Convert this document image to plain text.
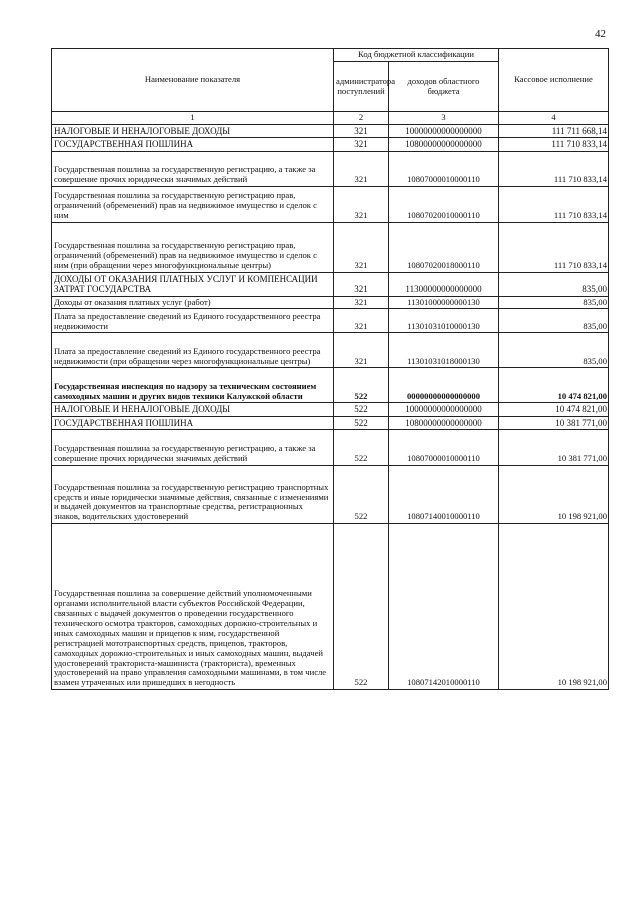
42
Наименование показателя	Код бюджетной классификации		Кассовое исполнение
	администратора поступлений	доходов областного бюджета	
1	2	3	4
НАЛОГОВЫЕ И НЕНАЛОГОВЫЕ ДОХОДЫ	321	10000000000000000	111 711 668,14
ГОСУДАРСТВЕННАЯ ПОШЛИНА	321	10800000000000000	111 710 833,14
Государственная пошлина за государственную регистрацию, а также за совершение прочих юридически значимых действий	321	10807000010000110	111 710 833,14
Государственная пошлина за государственную регистрацию прав, ограничений (обременений) прав на недвижимое имущество и сделок с ним	321	10807020010000110	111 710 833,14
Государственная пошлина за государственную регистрацию прав, ограничений (обременений) прав на недвижимое имущество и сделок с ним (при обращении через многофункциональные центры)	321	10807020018000110	111 710 833,14
ДОХОДЫ ОТ ОКАЗАНИЯ ПЛАТНЫХ УСЛУГ И КОМПЕНСАЦИИ ЗАТРАТ ГОСУДАРСТВА	321	11300000000000000	835,00
Доходы от оказания платных услуг (работ)	321	11301000000000130	835,00
Плата за предоставление сведений из Единого государственного реестра недвижимости	321	11301031010000130	835,00
Плата за предоставление сведений из Единого государственного реестра недвижимости (при обращении через многофункциональные центры)	321	11301031018000130	835,00
Государственная инспекция по надзору за техническим состоянием самоходных машин и других видов техники Калужской области	522	00000000000000000	10 474 821,00
НАЛОГОВЫЕ И НЕНАЛОГОВЫЕ ДОХОДЫ	522	10000000000000000	10 474 821,00
ГОСУДАРСТВЕННАЯ ПОШЛИНА	522	10800000000000000	10 381 771,00
Государственная пошлина за государственную регистрацию, а также за совершение прочих юридически значимых действий	522	10807000010000110	10 381 771,00
Государственная пошлина за государственную регистрацию транспортных средств и иные юридически значимые действия, связанные с изменениями и выдачей документов на транспортные средства, регистрационных знаков, водительских удостоверений	522	10807140010000110	10 198 921,00
Государственная пошлина за совершение действий уполномоченными органами исполнительной власти субъектов Российской Федерации, связанных с выдачей документов о проведении государственного технического осмотра тракторов, самоходных дорожно-строительных и иных самоходных машин и прицепов к ним, государственной регистрацией мототранспортных средств, прицепов, тракторов, самоходных дорожно-строительных и иных самоходных машин, выдачей удостоверений тракториста-машиниста (тракториста), временных удостоверений на право управления самоходными машинами, в том числе взамен утраченных или пришедших в негодность	522	10807142010000110	10 198 921,00
